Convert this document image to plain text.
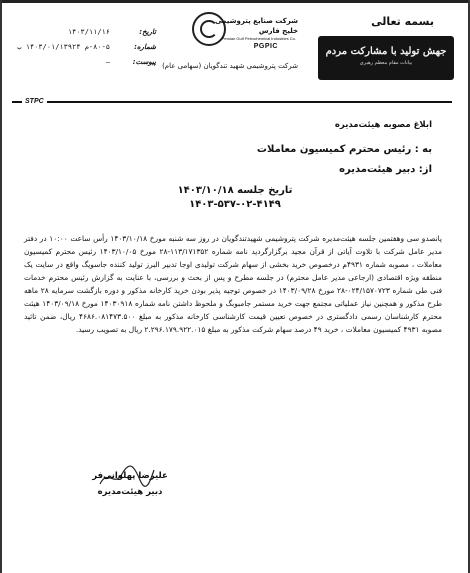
بسمه تعالی
جهش تولید با مشارکت مردم
بیانات مقام معظم رهبری
شرکت صنایع پتروشیمی خلیج فارس
Persian Gulf Petrochemical Industries Co.
PGPIC
شرکت پتروشیمی شهید تندگویان (سهامی عام)
تاریخ:
۱۴۰۳/۱۱/۱۶
شماره:
۸۰-۵-م ۱۴۰۳/۰۱/۱۳۹۲۴ ب
پیوست:
—
STPC
ابلاغ مصوبه هیئت‌مدیره
به : رئیس محترم کمیسیون معاملات
از: دبیر هیئت‌مدیره
تاریخ جلسه ۱۴۰۳/۱۰/۱۸
۱۴۰۳-۵۳۷-۰۲-۴۱۴۹
پانصدو سی وهفتمین جلسه هیئت‌مدیره شرکت پتروشیمی شهیدتندگویان در روز سه شنبه مورخ ۱۴۰۳/۱۰/۱۸ رأس ساعت ۱۰:۰۰ در دفتر مدیر عامل شرکت با تلاوت آیاتی از قرآن مجید برگزارگردید نامه شماره ۱۱۳/۱۷۱۳۵۲-۲۸ مورخ ۱۴۰۳/۱۰/۰۵ رئیس محترم کمیسیون معاملات ، مصوبه شماره ۴۹۳۱م درخصوص خرید بخشی از سهام شرکت تولیدی اوجا تدبیر البرز تولید کننده جاسویگ واقع در سایت یک منطقه ویژه اقتصادی (ارجاعی مدیر عامل محترم) در جلسه مطرح و پس از بحث و بررسی، با عنایت به گزارش رئیس محترم خدمات فنی طی شماره ۰۲۴/۱۵۷۰۷۲۳-۲۸ مورخ ۱۴۰۳/۰۹/۲۸ در خصوص توجیه پذیر بودن خرید کارخانه مذکور و دوره بازگشت سرمایه ۲۸ ماهه طرح مذکور و همچنین نیاز عملیاتی مجتمع جهت خرید مستمر جامبوبگ و ملحوظ داشتن نامه شماره ۱۴۰۳۰۹۱۸ مورخ ۱۴۰۳/۰۹/۱۸ هیئت محترم کارشناسان رسمی دادگستری در خصوص تعیین قیمت کارشناسی کارخانه مذکور به مبلغ ۴۶۸۶.۰۸۱۴۷۳.۵۰۰ ریال، ضمن تائید مصوبه ۴۹۳۱ کمیسیون معاملات ، خرید ۴۹ درصد سهام شرکت مذکور به مبلغ ۲.۲۹۶.۱۷۹.۹۲۲.۰۱۵ ریال به تصویب رسید.
علیرضا پهلوانی‌فر
دبیر هیئت‌مدیره
